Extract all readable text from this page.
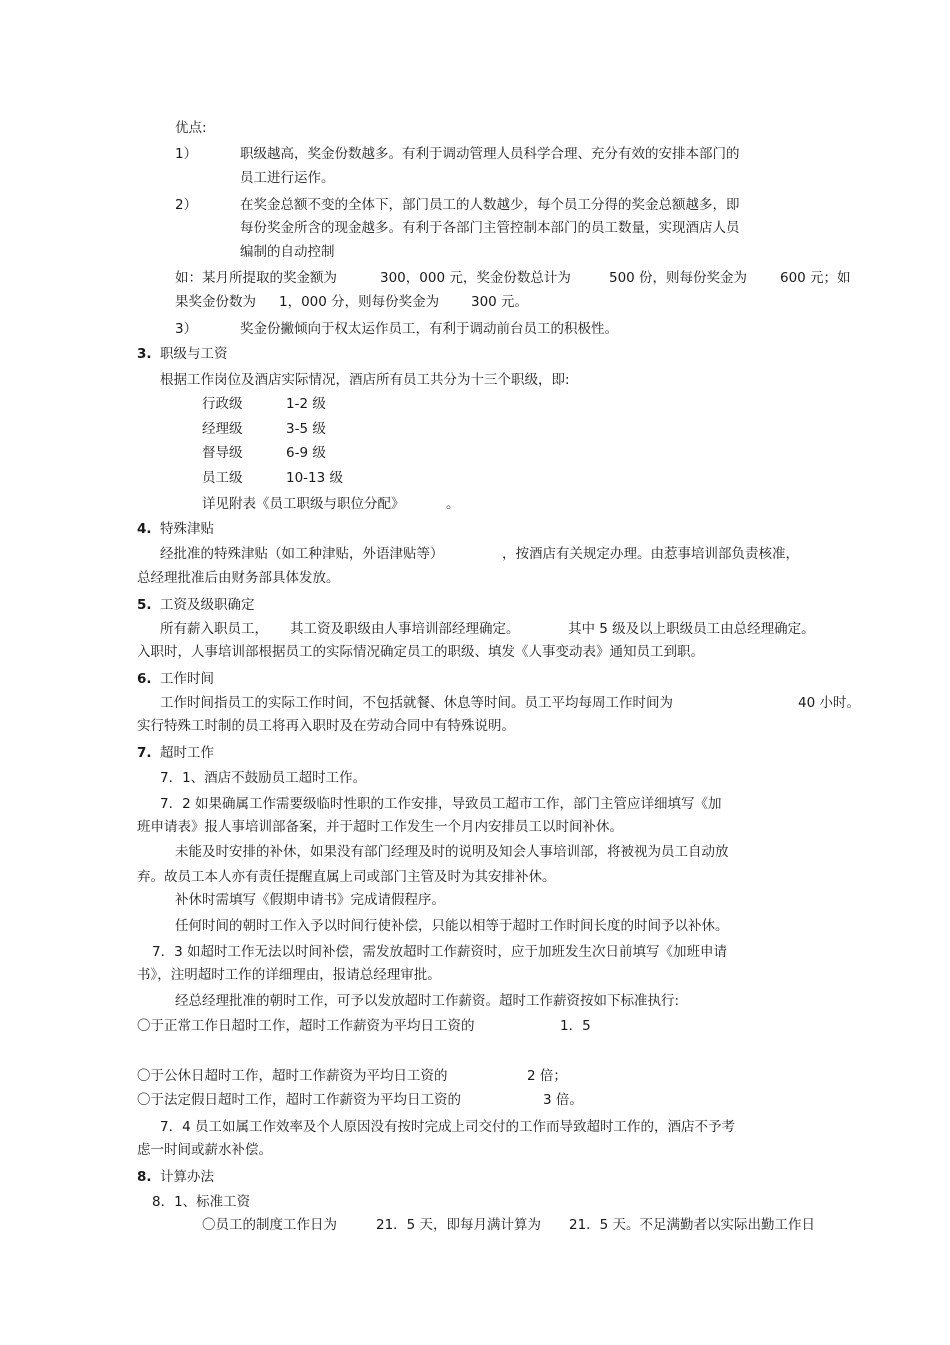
优点:
1）	职级越高，奖金份数越多。有利于调动管理人员科学合理、充分有效的安排本部门的
员工进行运作。
2）	在奖金总额不变的全体下，部门员工的人数越少，每个员工分得的奖金总额越多，即
每份奖金所含的现金越多。有利于各部门主管控制本部门的员工数量，实现酒店人员
编制的自动控制
如：某月所提取的奖金额为	300，000 元，奖金份数总计为	500 份，则每份奖金为 600 元；如
果奖金份数为 1，000 分，则每份奖金为 300 元。
3）	奖金份撇倾向于权太运作员工，有利于调动前台员工的积极性。
3. 职级与工资
根据工作岗位及酒店实际情况，酒店所有员工共分为十三个职级，即:
行政级	1-2 级
经理级	3-5 级
督导级	6-9 级
员工级	10-13 级
详见附表《员工职级与职位分配》	。
4. 特殊津贴
经批准的特殊津贴（如工种津贴，外语津贴等）	，按酒店有关规定办理。由惹事培训部负责核准，
总经理批准后由财务部具体发放。
5. 工资及级职确定
所有薪入职员工， 其工资及职级由人事培训部经理确定。	其中 5 级及以上职级员工由总经理确定。
入职时，人事培训部根据员工的实际情况确定员工的职级、填发《人事变动表》通知员工到职。
6. 工作时间
工作时间指员工的实际工作时间，不包括就餐、休息等时间。员工平均每周工作时间为	40 小时。
实行特殊工时制的员工将再入职时及在劳动合同中有特殊说明。
7. 超时工作
7．1、酒店不鼓励员工超时工作。
7．2 如果确属工作需要级临时性职的工作安排，导致员工超市工作，部门主管应详细填写《加
班申请表》报人事培训部备案，并于超时工作发生一个月内安排员工以时间补休。
未能及时安排的补休，如果没有部门经理及时的说明及知会人事培训部，将被视为员工自动放
弃。故员工本人亦有责任提醒直属上司或部门主管及时为其安排补休。
补休时需填写《假期申请书》完成请假程序。
任何时间的朝时工作入予以时间行使补偿，只能以相等于超时工作时间长度的时间予以补休。
7．3 如超时工作无法以时间补偿，需发放超时工作薪资时，应于加班发生次日前填写《加班申请
书》，注明超时工作的详细理由，报请总经理审批。
经总经理批准的朝时工作，可予以发放超时工作薪资。超时工作薪资按如下标准执行:
〇于正常工作日超时工作，超时工作薪资为平均日工资的	1．5
〇于公休日超时工作，超时工作薪资为平均日工资的	2 倍；
〇于法定假日超时工作，超时工作薪资为平均日工资的	3 倍。
7．4 员工如属工作效率及个人原因没有按时完成上司交付的工作而导致超时工作的，酒店不予考
虑一时间或薪水补偿。
8. 计算办法
8．1、标准工资
〇员工的制度工作日为	21．5 天，即每月满计算为 21．5 天。不足满勤者以实际出勤工作日
